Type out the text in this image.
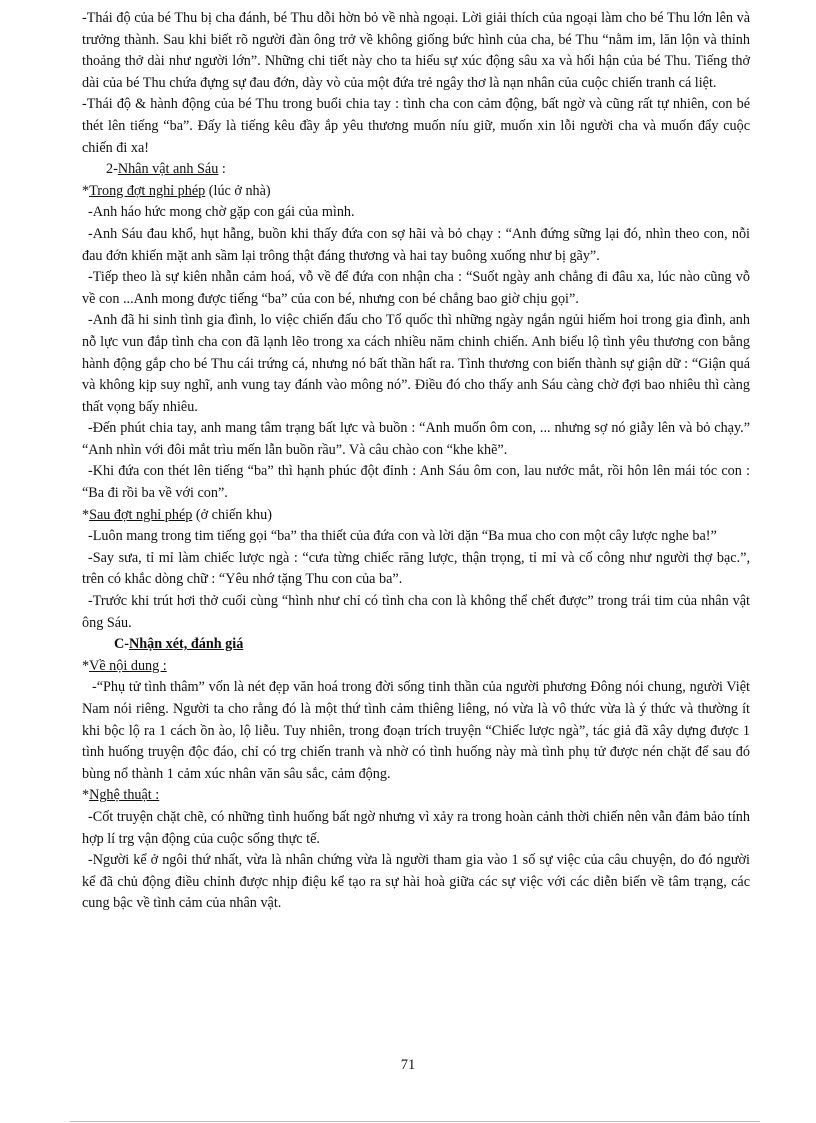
-Thái độ của bé Thu bị cha đánh, bé Thu dỗi hờn bỏ về nhà ngoại. Lời giải thích của ngoại làm cho bé Thu lớn lên và trưởng thành. Sau khi biết rõ người đàn ông trở về không giống bức hình của cha, bé Thu “nằm im, lăn lộn và thỉnh thoảng thở dài như người lớn”. Những chi tiết này cho ta hiểu sự xúc động sâu xa và hối hận của bé Thu. Tiếng thở dài của bé Thu chứa đựng sự đau đớn, dày vò của một đứa trẻ ngây thơ là nạn nhân của cuộc chiến tranh cá liệt.

-Thái độ & hành động của bé Thu trong buổi chia tay : tình cha con cảm động, bất ngờ và cũng rất tự nhiên, con bé thét lên tiếng “ba”. Đấy là tiếng kêu đầy ắp yêu thương muốn níu giữ, muốn xin lỗi người cha và muốn đẩy cuộc chiến đi xa!

2-Nhân vật anh Sáu :

*Trong đợt nghỉ phép (lúc ở nhà)

-Anh háo hức mong chờ gặp con gái của mình.

-Anh Sáu đau khổ, hụt hẫng, buồn khi thấy đứa con sợ hãi và bỏ chạy : “Anh đứng sững lại đó, nhìn theo con, nỗi đau đớn khiến mặt anh sầm lại trông thật đáng thương và hai tay buông xuống như bị gãy”.

-Tiếp theo là sự kiên nhẫn cảm hoá, vỗ về để đứa con nhận cha : “Suốt ngày anh chẳng đi đâu xa, lúc nào cũng vỗ về con ...Anh mong được tiếng “ba” của con bé, nhưng con bé chẳng bao giờ chịu gọi”.

-Anh đã hi sinh tình gia đình, lo việc chiến đấu cho Tổ quốc thì những ngày ngắn ngủi hiếm hoi trong gia đình, anh nỗ lực vun đắp tình cha con đã lạnh lẽo trong xa cách nhiều năm chinh chiến. Anh biểu lộ tình yêu thương con bằng hành động gắp cho bé Thu cái trứng cá, nhưng nó bất thần hất ra. Tình thương con biến thành sự giận dữ : “Giận quá và không kịp suy nghĩ, anh vung tay đánh vào mông nó”. Điều đó cho thấy anh Sáu càng chờ đợi bao nhiêu thì càng thất vọng bấy nhiêu.

-Đến phút chia tay, anh mang tâm trạng bất lực và buồn : “Anh muốn ôm con, ... nhưng sợ nó giẫy lên và bỏ chạy.” “Anh nhìn với đôi mắt trìu mến lẫn buồn rầu”. Và câu chào con “khe khẽ”.

-Khi đứa con thét lên tiếng “ba” thì hạnh phúc đột đỉnh : Anh Sáu ôm con, lau nước mắt, rồi hôn lên mái tóc con : “Ba đi rồi ba về với con”.

*Sau đợt nghỉ phép (ở chiến khu)

-Luôn mang trong tim tiếng gọi “ba” tha thiết của đứa con và lời dặn “Ba mua cho con một cây lược nghe ba!”

-Say sưa, tỉ mỉ làm chiếc lược ngà : “cưa từng chiếc răng lược, thận trọng, tỉ mỉ và cố công như người thợ bạc.”, trên có khắc dòng chữ : “Yêu nhớ tặng Thu con của ba”.

-Trước khi trút hơi thở cuối cùng “hình như chỉ có tình cha con là không thể chết được” trong trái tim của nhân vật ông Sáu.

C-Nhận xét, đánh giá

*Về nội dung :

-“Phụ tử tình thâm” vốn là nét đẹp văn hoá trong đời sống tinh thần của người phương Đông nói chung, người Việt Nam nói riêng. Người ta cho rằng đó là một thứ tình cảm thiêng liêng, nó vừa là vô thức vừa là ý thức và thường ít khi bộc lộ ra 1 cách ồn ào, lộ liễu. Tuy nhiên, trong đoạn trích truyện “Chiếc lược ngà”, tác giả đã xây dựng được 1 tình huống truyện độc đáo, chỉ có trg chiến tranh và nhờ có tình huống này mà tình phụ tử được nén chặt để sau đó bùng nổ thành 1 cảm xúc nhân văn sâu sắc, cảm động.

*Nghệ thuật :

-Cốt truyện chặt chẽ, có những tình huống bất ngờ nhưng vì xảy ra trong hoàn cảnh thời chiến nên vẫn đảm bảo tính hợp lí trg vận động của cuộc sống thực tế.

-Người kể ở ngôi thứ nhất, vừa là nhân chứng vừa là người tham gia vào 1 số sự việc của câu chuyện, do đó người kể đã chủ động điều chỉnh được nhịp điệu kể tạo ra sự hài hoà giữa các sự việc với các diễn biến về tâm trạng, các cung bậc về tình cảm của nhân vật.

71
